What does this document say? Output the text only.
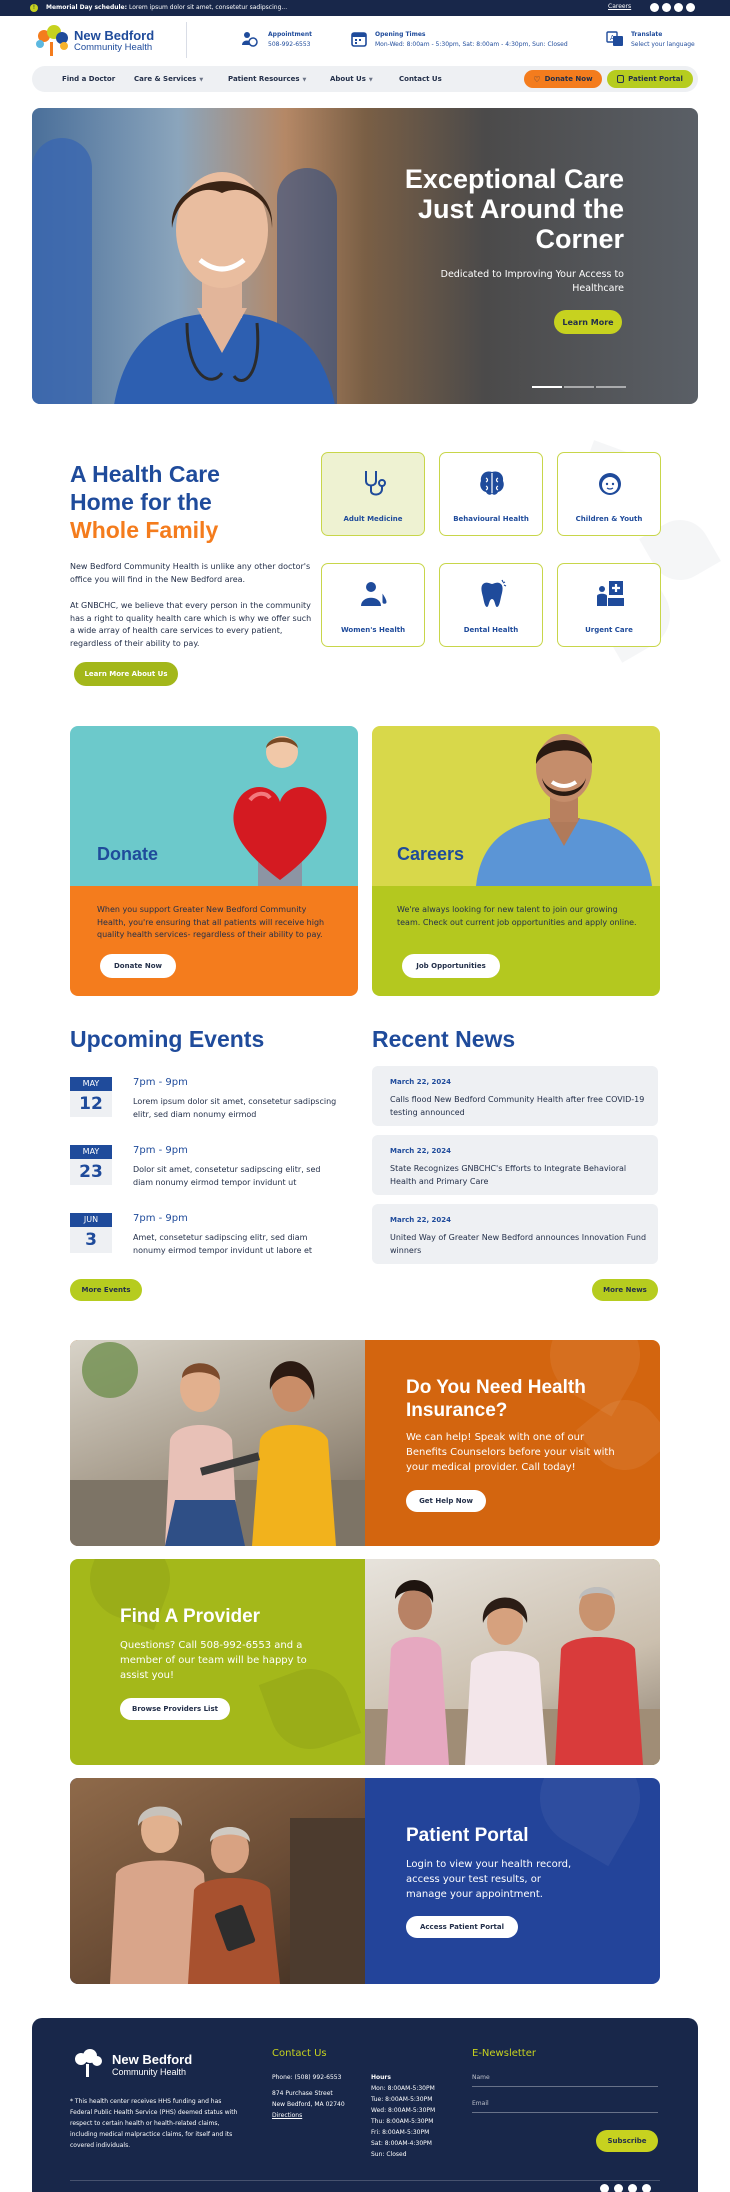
!	Memorial Day schedule: Lorem ipsum dolor sit amet, consetetur sadipscing...	Careers
New Bedford
Community Health
Appointment
508-992-6553
Opening Times
Mon-Wed: 8:00am - 5:30pm, Sat: 8:00am - 4:30pm, Sun: Closed
A	Translate
Select your language
Find a Doctor	Care & Services ▼	Patient Resources ▼	About Us ▼	Contact Us	♡ Donate Now	Patient Portal
Exceptional Care Just Around the Corner
Dedicated to Improving Your Access to Healthcare
Learn More
A Health Care
Home for the
Whole Family
New Bedford Community Health is unlike any other doctor's office you will find in the New Bedford area.
At GNBCHC, we believe that every person in the community has a right to quality health care which is why we offer such a wide array of health care services to every patient, regardless of their ability to pay.
Learn More About Us
Adult Medicine	Behavioural Health	Children & Youth
Women's Health	Dental Health	Urgent Care
Donate
When you support Greater New Bedford Community Health, you're ensuring that all patients will receive high quality health services- regardless of their ability to pay.
Donate Now
Careers
We're always looking for new talent to join our growing team. Check out current job opportunities and apply online.
Job Opportunities
Upcoming Events
MAY
12
7pm - 9pm
Lorem ipsum dolor sit amet, consetetur sadipscing elitr, sed diam nonumy eirmod
MAY
23
7pm - 9pm
Dolor sit amet, consetetur sadipscing elitr, sed diam nonumy eirmod tempor invidunt ut
JUN
3
7pm - 9pm
Amet, consetetur sadipscing elitr, sed diam nonumy eirmod tempor invidunt ut labore et
More Events
Recent News
March 22, 2024
Calls flood New Bedford Community Health after free COVID-19 testing announced
March 22, 2024
State Recognizes GNBCHC's Efforts to Integrate Behavioral Health and Primary Care
March 22, 2024
United Way of Greater New Bedford announces Innovation Fund winners
More News
Do You Need Health Insurance?
We can help! Speak with one of our Benefits Counselors before your visit with your medical provider. Call today!
Get Help Now
Find A Provider
Questions? Call 508-992-6553 and a member of our team will be happy to assist you!
Browse Providers List
Patient Portal
Login to view your health record, access your test results, or manage your appointment.
Access Patient Portal
New Bedford
Community Health
* This health center receives HHS funding and has Federal Public Health Service (PHS) deemed status with respect to certain health or health-related claims, including medical malpractice claims, for itself and its covered individuals.
Contact Us
Phone: (508) 992-6553
874 Purchase Street
New Bedford, MA 02740
Directions
Hours
Mon: 8:00AM-5:30PM
Tue: 8:00AM-5:30PM
Wed: 8:00AM-5:30PM
Thu: 8:00AM-5:30PM
Fri: 8:00AM-5:30PM
Sat: 8:00AM-4:30PM
Sun: Closed
E-Newsletter
Name
Email
Subscribe
